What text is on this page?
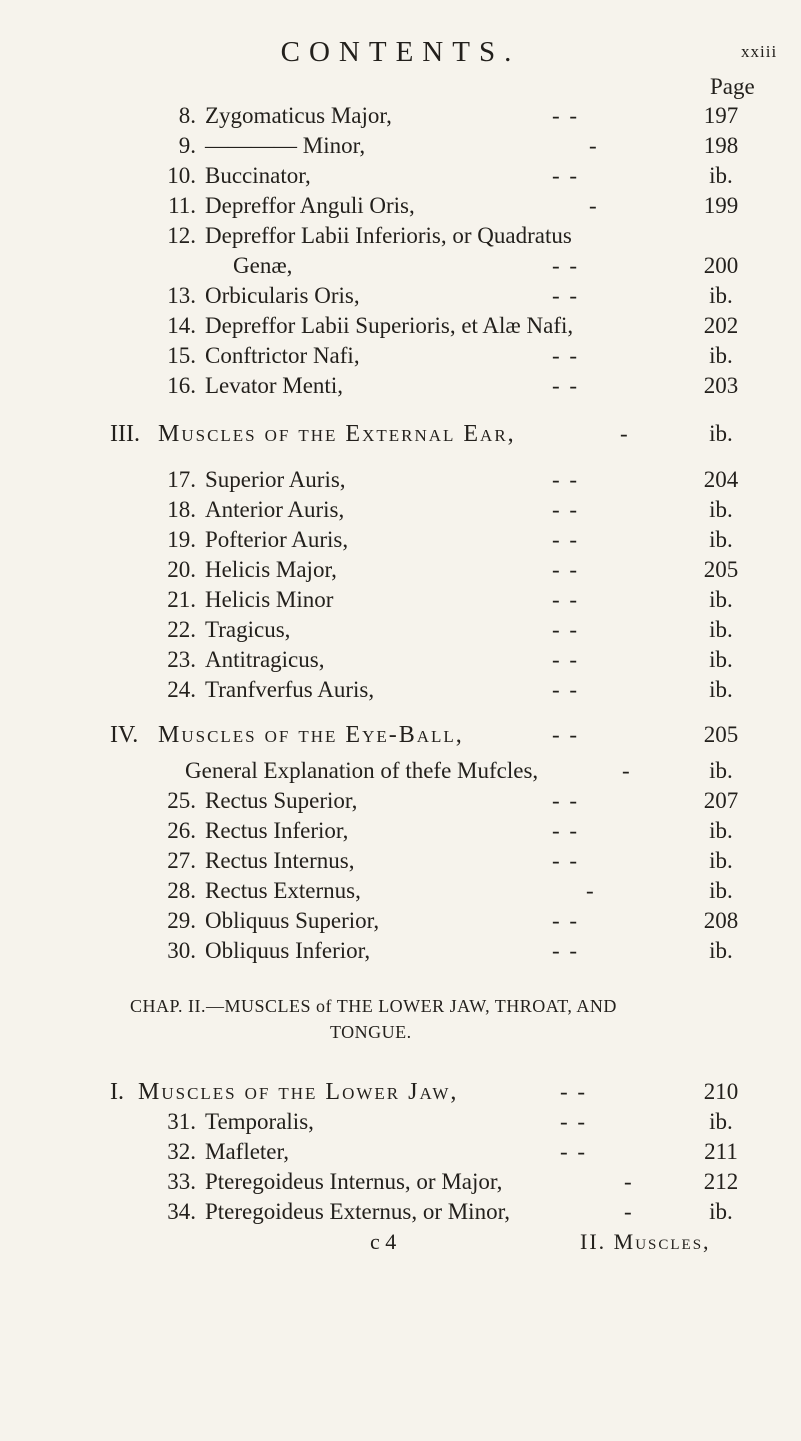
CONTENTS.	xxiii
Page
8. Zygomaticus Major,	- -	197
9. ———— Minor,	-	198
10. Buccinator,	- -	ib.
11. Depreffor Anguli Oris,	-	199
12. Depreffor Labii Inferioris, or Quadratus
Genæ,	- -	200
13. Orbicularis Oris,	- -	ib.
14. Depreffor Labii Superioris, et Alæ Nafi,	202
15. Conftrictor Nafi,	- -	ib.
16. Levator Menti,	- -	203
III. Muscles of the External Ear,	-	ib.
17. Superior Auris,	- -	204
18. Anterior Auris,	- -	ib.
19. Pofterior Auris,	- -	ib.
20. Helicis Major,	- -	205
21. Helicis Minor	- -	ib.
22. Tragicus,	- -	ib.
23. Antitragicus,	- -	ib.
24. Tranfverfus Auris,	- -	ib.
IV. Muscles of the Eye-Ball,	- -	205
General Explanation of thefe Mufcles,	-	ib.
25. Rectus Superior,	- -	207
26. Rectus Inferior,	- -	ib.
27. Rectus Internus,	- -	ib.
28. Rectus Externus,	-	ib.
29. Obliquus Superior,	- -	208
30. Obliquus Inferior,	- -	ib.
CHAP. II.—MUSCLES of THE LOWER JAW, THROAT, AND
TONGUE.
I. Muscles of the Lower Jaw,	- -	210
31. Temporalis,	- -	ib.
32. Mafleter,	- -	211
33. Pteregoideus Internus, or Major,	-	212
34. Pteregoideus Externus, or Minor,	-	ib.
c 4	II. Muscles,
